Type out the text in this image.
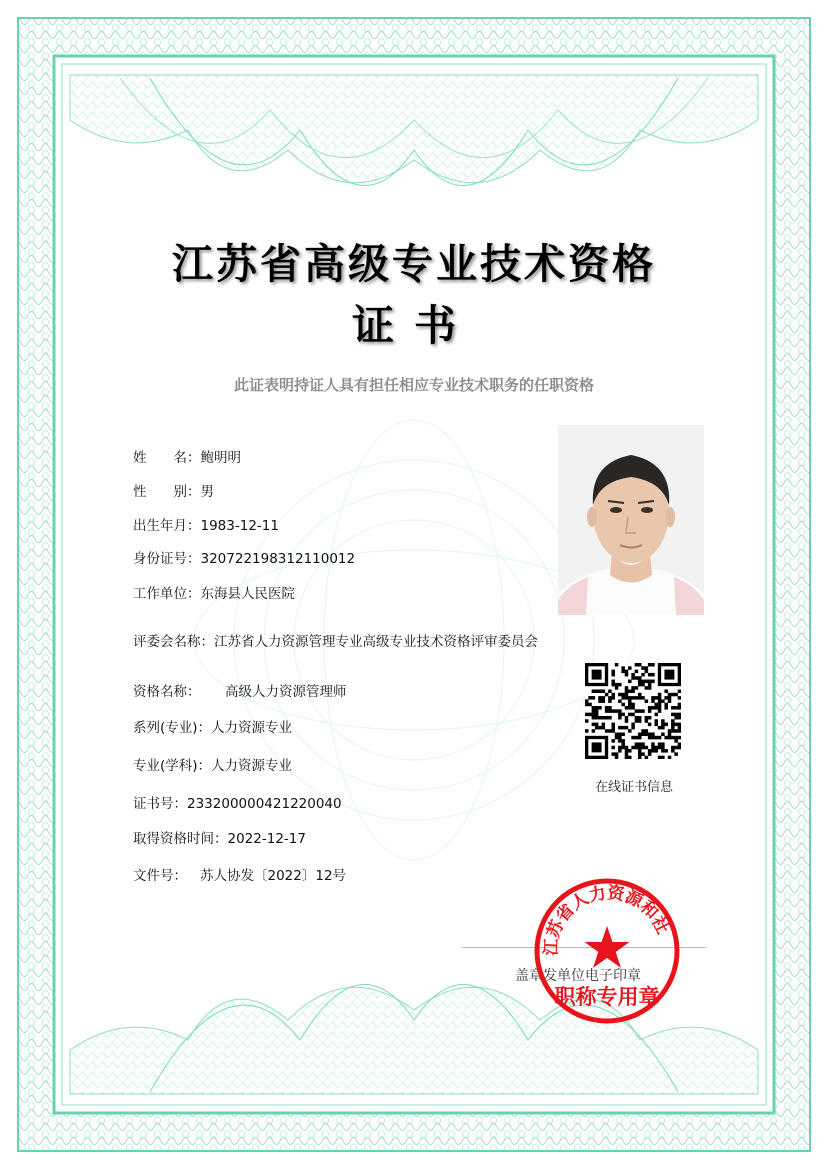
江苏省高级专业技术资格
证书
此证表明持证人具有担任相应专业技术职务的任职资格
姓　　名：鲍明明
性　　别：男
出生年月：1983-12-11
身份证号：320722198312110012
工作单位：东海县人民医院
评委会名称：江苏省人力资源管理专业高级专业技术资格评审委员会
资格名称： 高级人力资源管理师
系列(专业)：人力资源专业
专业(学科)：人力资源专业
证书号：2332000004212200​40
取得资格时间：2022-12-17
文件号： 苏人协发〔2022〕12号
在线证书信息
盖章发单位电子印章
江苏省人力资源和社
职称专用章
